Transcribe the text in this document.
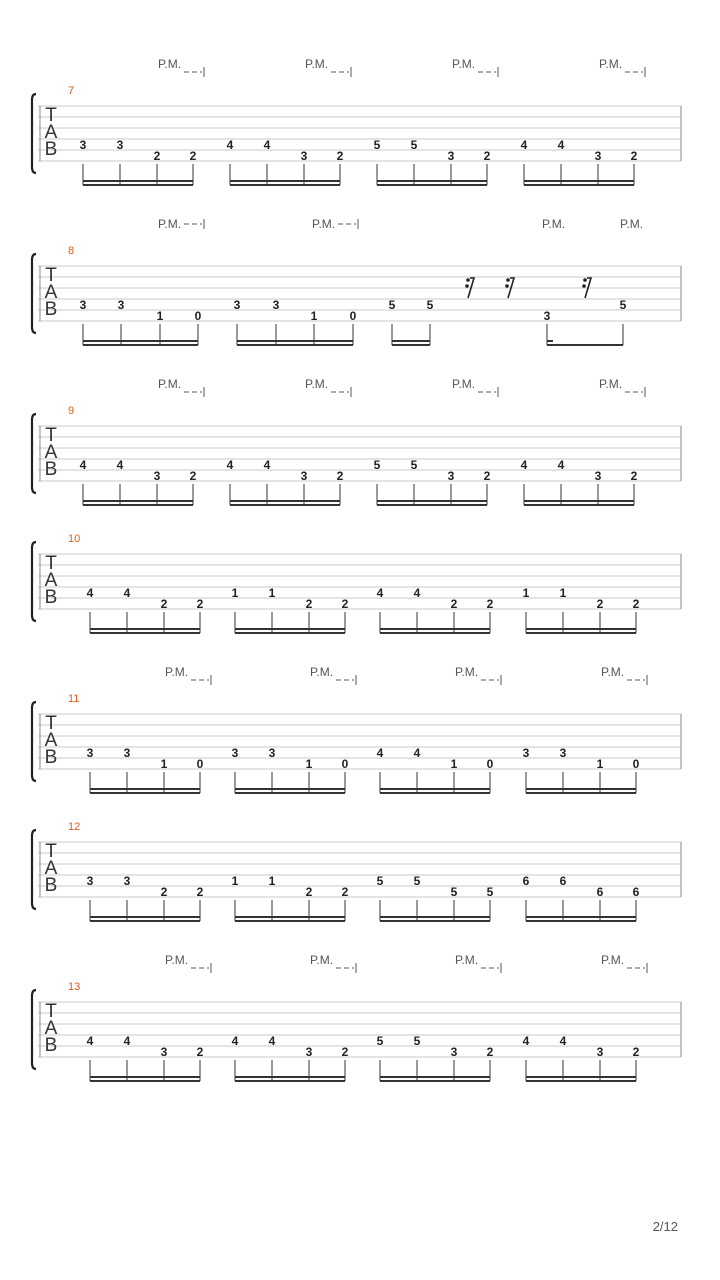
T
A
B
7
3	3
2 2
P.M.
4	4
3 2
P.M.
5	5
3 2
P.M.
4	4
3 2
P.M.
T
A
B
8
3	3
1	0
3	3
1	0
5	5
3
5
P.M.	P.M.	P.M.	P.M.
T
A
B
9
4	4
3 2
P.M.
4	4
3 2
P.M.
5	5
3 2
P.M.
4	4
3 2
P.M.
T
A
B
10
4	4
2 2
1	1
2 2
4	4
2 2
1	1
2 2
T
A
B
11
3	3
1 0
P.M.
3	3
1 0
P.M.
4	4
1 0
P.M.
3	3
1 0
P.M.
T
A
B
12
3	3
2 2
1	1
2 2
5	5
5 5
6	6
6 6
T
A
B
13
4	4
3 2
P.M.
4	4
3 2
P.M.
5	5
3 2
P.M.
4	4
3 2
P.M.
2/12
